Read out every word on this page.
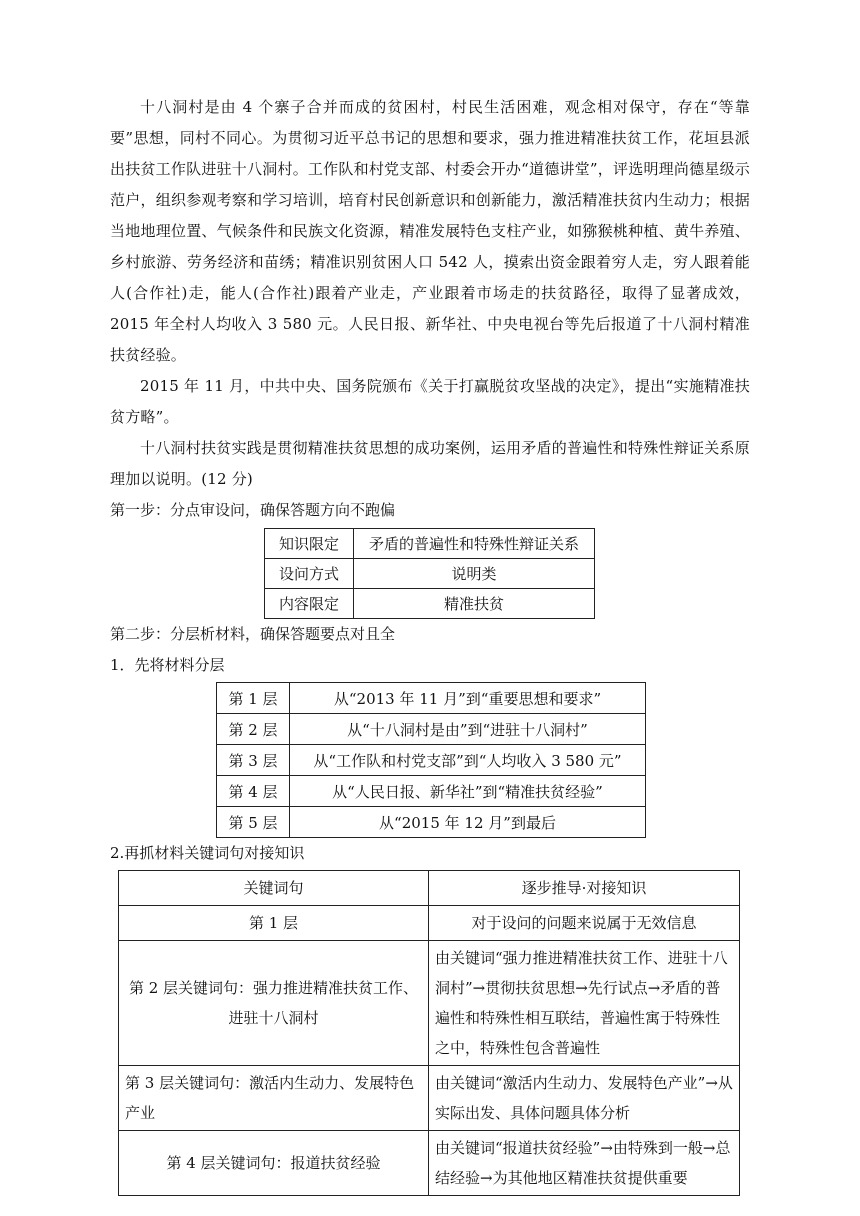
十八洞村是由 4 个寨子合并而成的贫困村，村民生活困难，观念相对保守，存在“等靠要”思想，同村不同心。为贯彻习近平总书记的思想和要求，强力推进精准扶贫工作，花垣县派出扶贫工作队进驻十八洞村。工作队和村党支部、村委会开办“道德讲堂”，评选明理尚德星级示范户，组织参观考察和学习培训，培育村民创新意识和创新能力，激活精准扶贫内生动力；根据当地地理位置、气候条件和民族文化资源，精准发展特色支柱产业，如猕猴桃种植、黄牛养殖、乡村旅游、劳务经济和苗绣；精准识别贫困人口 542 人，摸索出资金跟着穷人走，穷人跟着能人(合作社)走，能人(合作社)跟着产业走，产业跟着市场走的扶贫路径，取得了显著成效，2015 年全村人均收入 3 580 元。人民日报、新华社、中央电视台等先后报道了十八洞村精准扶贫经验。

2015 年 11 月，中共中央、国务院颁布《关于打赢脱贫攻坚战的决定》，提出“实施精准扶贫方略”。

十八洞村扶贫实践是贯彻精准扶贫思想的成功案例，运用矛盾的普遍性和特殊性辩证关系原理加以说明。(12 分)

第一步：分点审设问，确保答题方向不跑偏

知识限定	矛盾的普遍性和特殊性辩证关系
设问方式	说明类
内容限定	精准扶贫

第二步：分层析材料，确保答题要点对且全

1．先将材料分层

第 1 层	从“2013 年 11 月”到“重要思想和要求”
第 2 层	从“十八洞村是由”到“进驻十八洞村”
第 3 层	从“工作队和村党支部”到“人均收入 3 580 元”
第 4 层	从“人民日报、新华社”到“精准扶贫经验”
第 5 层	从“2015 年 12 月”到最后

2.再抓材料关键词句对接知识

关键词句	逐步推导·对接知识
第 1 层	对于设问的问题来说属于无效信息
第 2 层关键词句：强力推进精准扶贫工作、进驻十八洞村	由关键词“强力推进精准扶贫工作、进驻十八洞村”→贯彻扶贫思想→先行试点→矛盾的普遍性和特殊性相互联结，普遍性寓于特殊性之中，特殊性包含普遍性
第 3 层关键词句：激活内生动力、发展特色产业	由关键词“激活内生动力、发展特色产业”→从实际出发、具体问题具体分析
第 4 层关键词句：报道扶贫经验	由关键词“报道扶贫经验”→由特殊到一般→总结经验→为其他地区精准扶贫提供重要
